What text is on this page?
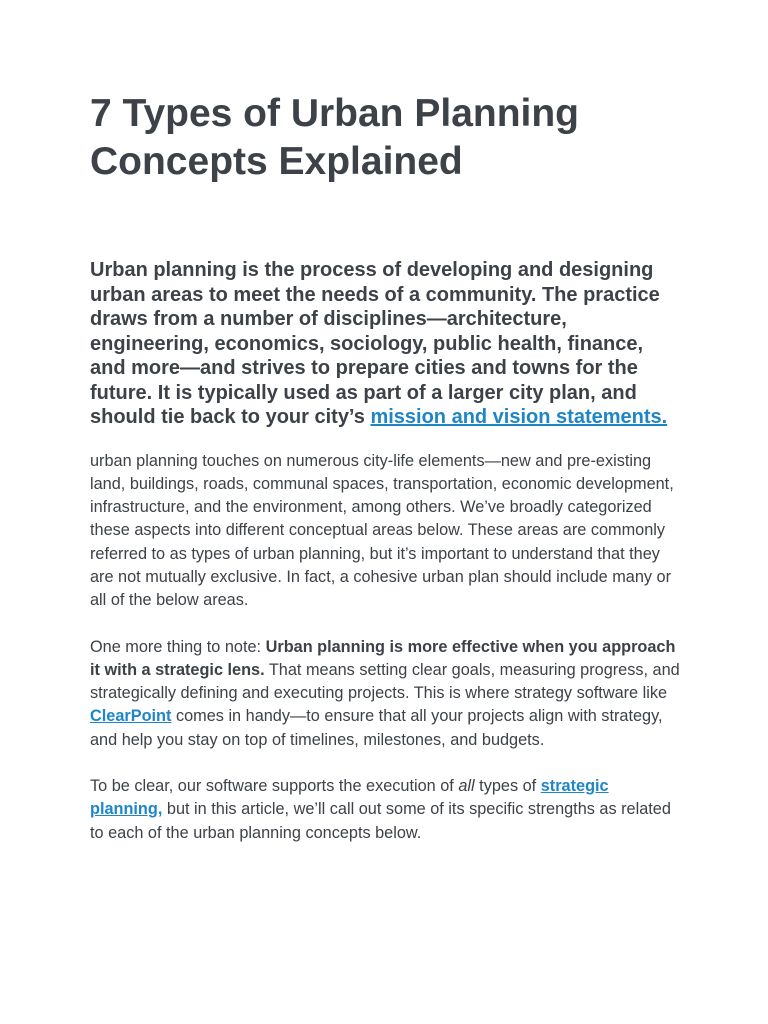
7 Types of Urban Planning Concepts Explained

Urban planning is the process of developing and designing urban areas to meet the needs of a community. The practice draws from a number of disciplines—architecture, engineering, economics, sociology, public health, finance, and more—and strives to prepare cities and towns for the future. It is typically used as part of a larger city plan, and should tie back to your city’s mission and vision statements.

urban planning touches on numerous city-life elements—new and pre-existing land, buildings, roads, communal spaces, transportation, economic development, infrastructure, and the environment, among others. We’ve broadly categorized these aspects into different conceptual areas below. These areas are commonly referred to as types of urban planning, but it’s important to understand that they are not mutually exclusive. In fact, a cohesive urban plan should include many or all of the below areas.

One more thing to note: Urban planning is more effective when you approach it with a strategic lens. That means setting clear goals, measuring progress, and strategically defining and executing projects. This is where strategy software like ClearPoint comes in handy—to ensure that all your projects align with strategy, and help you stay on top of timelines, milestones, and budgets.

To be clear, our software supports the execution of all types of strategic planning, but in this article, we’ll call out some of its specific strengths as related to each of the urban planning concepts below.
